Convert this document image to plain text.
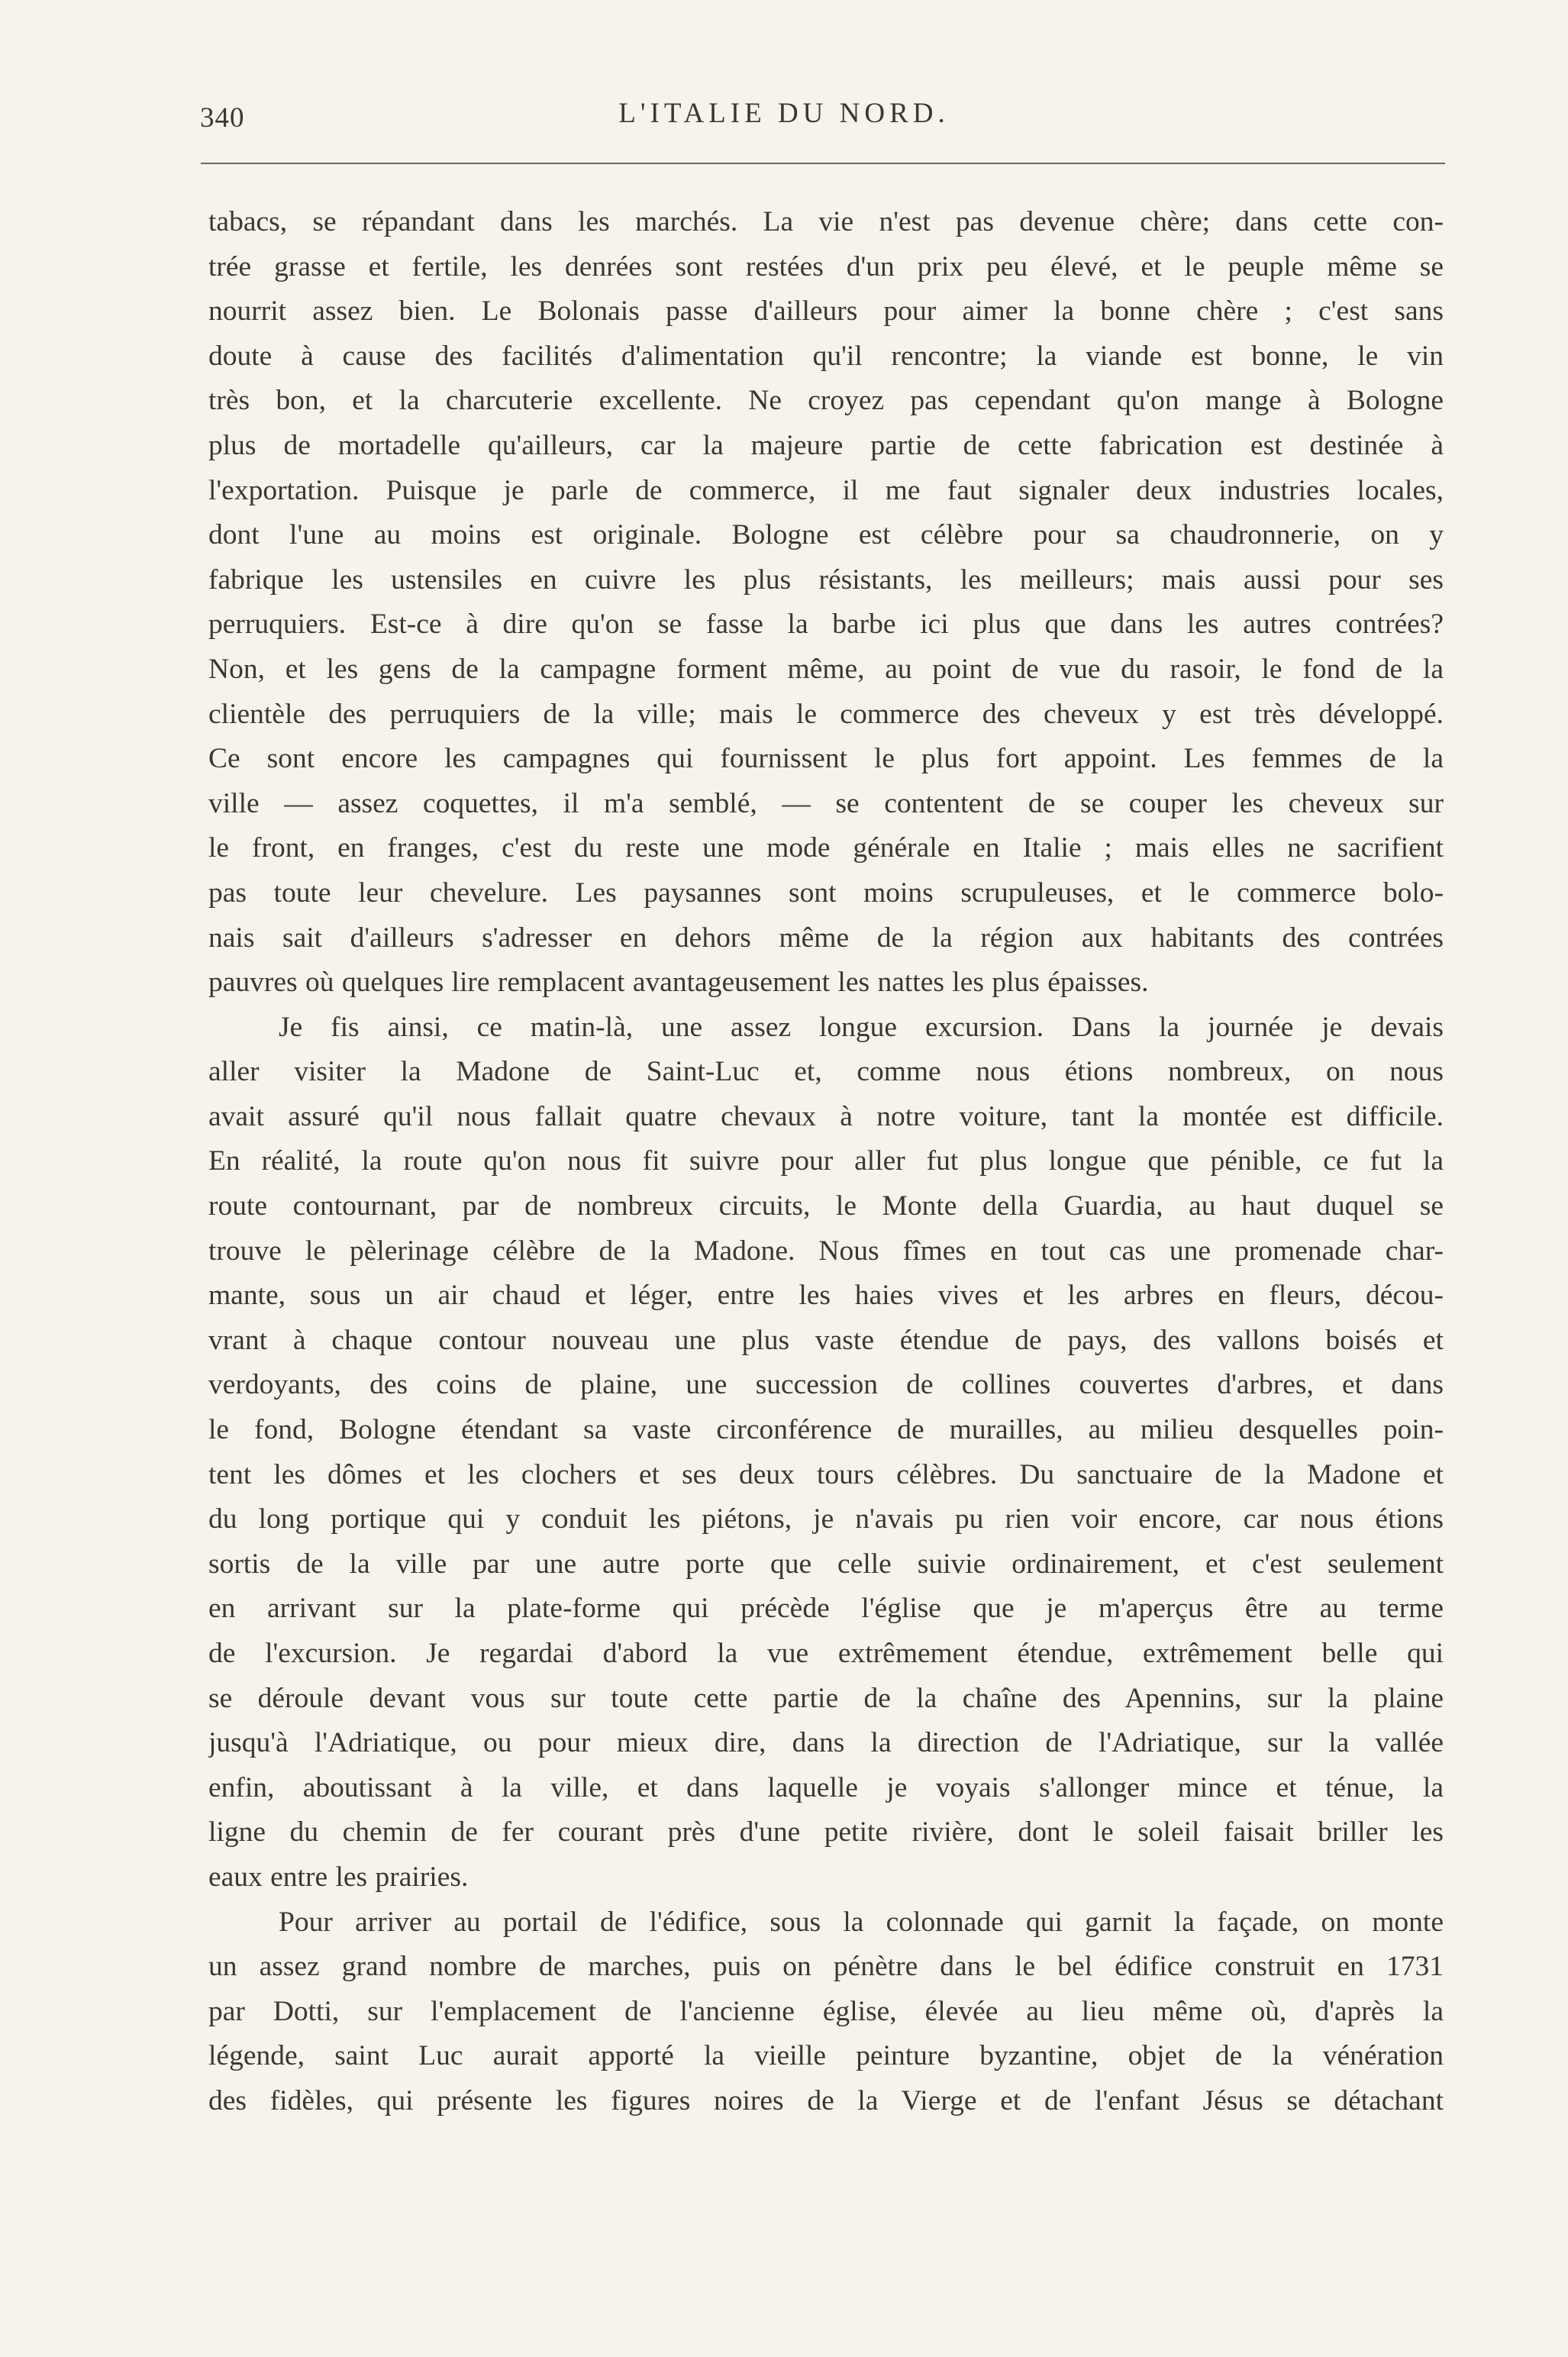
340	L'ITALIE DU NORD.
tabacs, se répandant dans les marchés. La vie n'est pas devenue chère; dans cette con-
trée grasse et fertile, les denrées sont restées d'un prix peu élevé, et le peuple même se
nourrit assez bien. Le Bolonais passe d'ailleurs pour aimer la bonne chère ; c'est sans
doute à cause des facilités d'alimentation qu'il rencontre; la viande est bonne, le vin
très bon, et la charcuterie excellente. Ne croyez pas cependant qu'on mange à Bologne
plus de mortadelle qu'ailleurs, car la majeure partie de cette fabrication est destinée à
l'exportation. Puisque je parle de commerce, il me faut signaler deux industries locales,
dont l'une au moins est originale. Bologne est célèbre pour sa chaudronnerie, on y
fabrique les ustensiles en cuivre les plus résistants, les meilleurs; mais aussi pour ses
perruquiers. Est-ce à dire qu'on se fasse la barbe ici plus que dans les autres contrées?
Non, et les gens de la campagne forment même, au point de vue du rasoir, le fond de la
clientèle des perruquiers de la ville; mais le commerce des cheveux y est très développé.
Ce sont encore les campagnes qui fournissent le plus fort appoint. Les femmes de la
ville — assez coquettes, il m'a semblé, — se contentent de se couper les cheveux sur
le front, en franges, c'est du reste une mode générale en Italie ; mais elles ne sacrifient
pas toute leur chevelure. Les paysannes sont moins scrupuleuses, et le commerce bolo-
nais sait d'ailleurs s'adresser en dehors même de la région aux habitants des contrées
pauvres où quelques lire remplacent avantageusement les nattes les plus épaisses.
Je fis ainsi, ce matin-là, une assez longue excursion. Dans la journée je devais
aller visiter la Madone de Saint-Luc et, comme nous étions nombreux, on nous
avait assuré qu'il nous fallait quatre chevaux à notre voiture, tant la montée est difficile.
En réalité, la route qu'on nous fit suivre pour aller fut plus longue que pénible, ce fut la
route contournant, par de nombreux circuits, le Monte della Guardia, au haut duquel se
trouve le pèlerinage célèbre de la Madone. Nous fîmes en tout cas une promenade char-
mante, sous un air chaud et léger, entre les haies vives et les arbres en fleurs, décou-
vrant à chaque contour nouveau une plus vaste étendue de pays, des vallons boisés et
verdoyants, des coins de plaine, une succession de collines couvertes d'arbres, et dans
le fond, Bologne étendant sa vaste circonférence de murailles, au milieu desquelles poin-
tent les dômes et les clochers et ses deux tours célèbres. Du sanctuaire de la Madone et
du long portique qui y conduit les piétons, je n'avais pu rien voir encore, car nous étions
sortis de la ville par une autre porte que celle suivie ordinairement, et c'est seulement
en arrivant sur la plate-forme qui précède l'église que je m'aperçus être au terme
de l'excursion. Je regardai d'abord la vue extrêmement étendue, extrêmement belle qui
se déroule devant vous sur toute cette partie de la chaîne des Apennins, sur la plaine
jusqu'à l'Adriatique, ou pour mieux dire, dans la direction de l'Adriatique, sur la vallée
enfin, aboutissant à la ville, et dans laquelle je voyais s'allonger mince et ténue, la
ligne du chemin de fer courant près d'une petite rivière, dont le soleil faisait briller les
eaux entre les prairies.
Pour arriver au portail de l'édifice, sous la colonnade qui garnit la façade, on monte
un assez grand nombre de marches, puis on pénètre dans le bel édifice construit en 1731
par Dotti, sur l'emplacement de l'ancienne église, élevée au lieu même où, d'après la
légende, saint Luc aurait apporté la vieille peinture byzantine, objet de la vénération
des fidèles, qui présente les figures noires de la Vierge et de l'enfant Jésus se détachant
